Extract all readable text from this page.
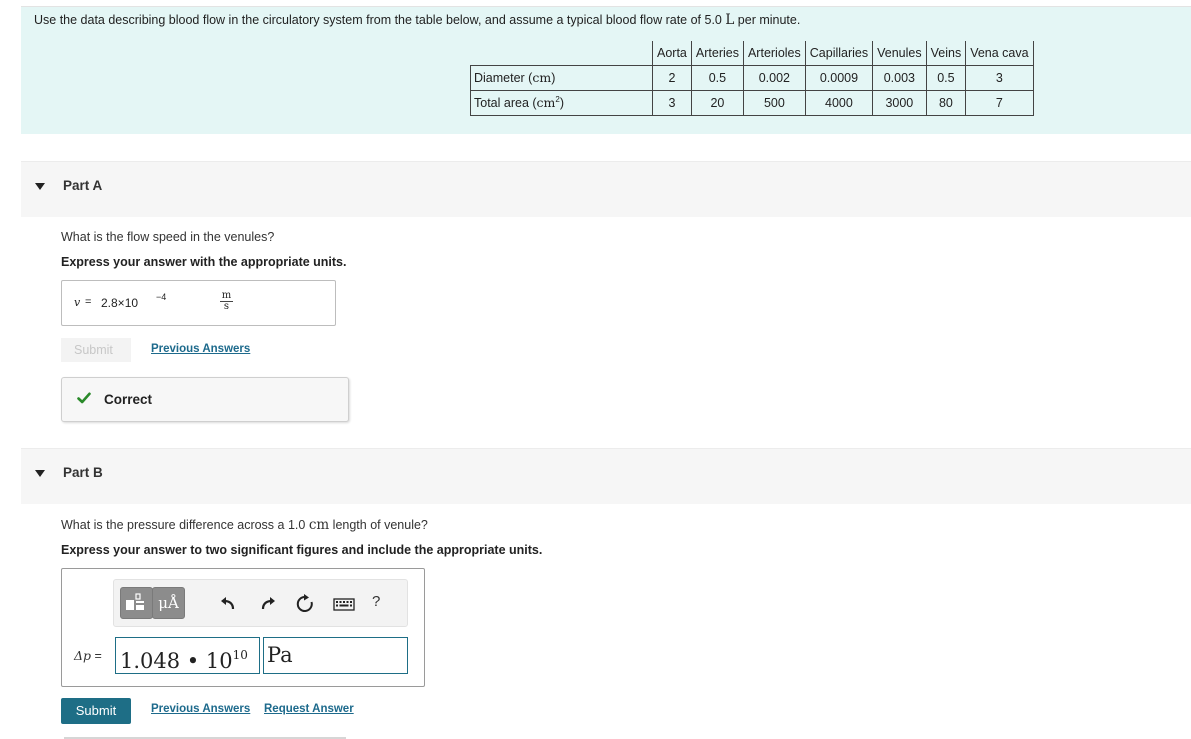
Use the data describing blood flow in the circulatory system from the table below, and assume a typical blood flow rate of 5.0 L per minute.
	Aorta	Arteries	Arterioles	Capillaries	Venules	Veins	Vena cava
Diameter (cm)	2	0.5	0.002	0.0009	0.003	0.5	3
Total area $(cm^2)$	3	20	500	4000	3000	80	7
Part A
What is the flow speed in the venules?
Express your answer with the appropriate units.
v = 2.8×10 −4	$\frac{m}{s}$
Submit	Previous Answers
Correct
Part B
What is the pressure difference across a 1.0 cm length of venule?
Express your answer to two significant figures and include the appropriate units.
μÅ	?
Δp = 1.048 • $10^{10}$ Pa
Submit	Previous Answers Request Answer
